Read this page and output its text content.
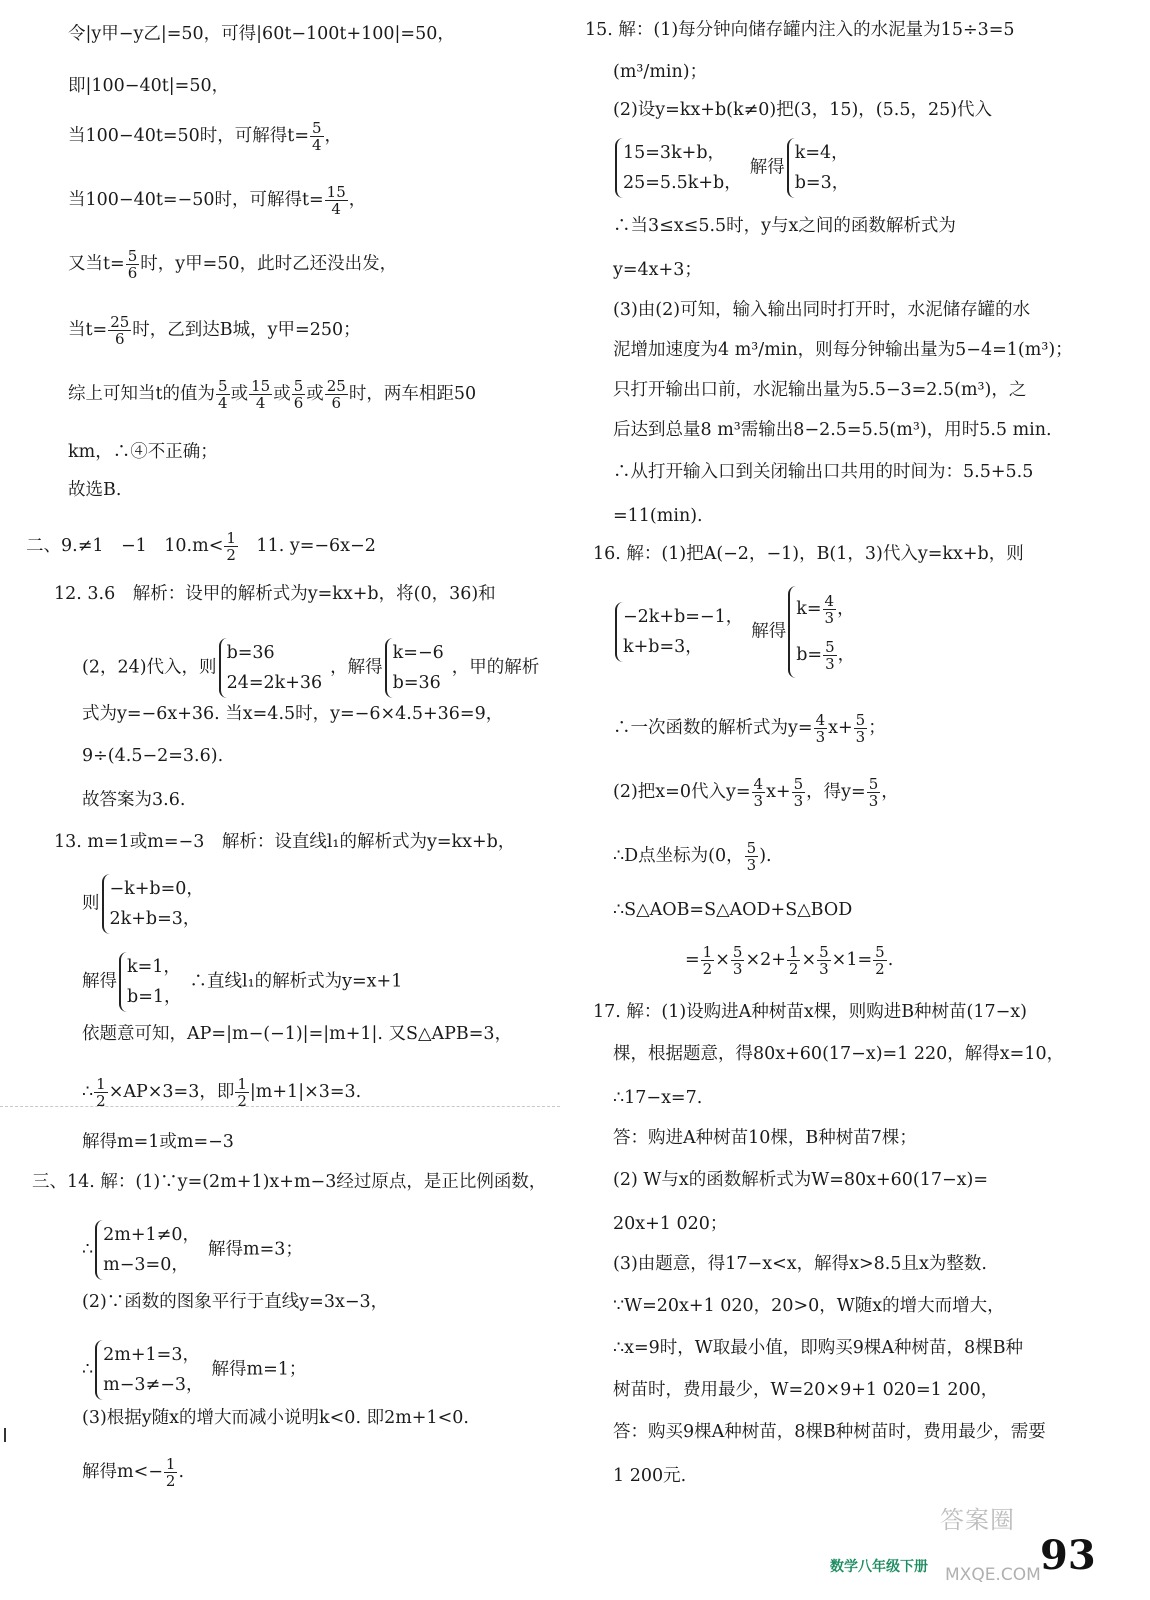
令|y甲−y乙|=50，可得|60t−100t+100|=50，
即|100−40t|=50，
当100−40t=50时，可解得$t= \frac{5}{4}$ ，
当100−40t=−50时，可解得$t= \frac{15}{4}$ ，
又当$t= \frac{5}{6}$ 时，y甲=50，此时乙还没出发，
当$t= \frac{25}{6}$ 时，乙到达B城，y甲=250；
综上可知当t的值为 $\frac{5}{4}$ 或 $\frac{15}{4}$ 或 $\frac{5}{6}$ 或 $\frac{25}{6}$ 时，两车相距50
km，∴④不正确；
故选B.
二、9.≠1　−1　$10.m< \frac{1}{2}$ 　11. y=−6x−2
12. 3.6　解析：设甲的解析式为y=kx+b，将(0，36)和
(2，24)代入，则
b=36
24=2k+36
，解得
k=−6
b=36
，甲的解析
式为y=−6x+36. 当x=4.5时，y=−6×4.5+36=9，
9÷(4.5−2=3.6).
故答案为3.6.
13. m=1或m=−3　解析：设直线l₁的解析式为y=kx+b，
则
−k+b=0，
2k+b=3，
解得
k=1，
b=1，
∴直线l₁的解析式为y=x+1
依题意可知，AP=|m−(−1)|=|m+1|. 又S△APB=3，
∴ $\frac{1}{2} \times AP\times 3=3$，即 $\frac{1}{2} |m+1|\times 3=3$.
解得m=1或m=−3
三、14. 解：(1)∵y=(2m+1)x+m−3经过原点，是正比例函数，
∴
2m+1≠0，
m−3=0，
解得m=3；
(2)∵函数的图象平行于直线y=3x−3，
∴
2m+1=3，
m−3≠−3，
解得m=1；
(3)根据y随x的增大而减小说明k<0. 即2m+1<0.
解得$m<- \frac{1}{2}$ .
15. 解：(1)每分钟向储存罐内注入的水泥量为15÷3=5
(m³/min)；
(2)设y=kx+b(k≠0)把(3，15)，(5.5，25)代入
15=3k+b，
25=5.5k+b，
解得
k=4，
b=3，
∴当3≤x≤5.5时，y与x之间的函数解析式为
y=4x+3；
(3)由(2)可知，输入输出同时打开时，水泥储存罐的水
泥增加速度为4 m³/min，则每分钟输出量为5−4=1(m³)；
只打开输出口前，水泥输出量为5.5−3=2.5(m³)，之
后达到总量8 m³需输出8−2.5=5.5(m³)，用时5.5 min.
∴从打开输入口到关闭输出口共用的时间为：5.5+5.5
=11(min).
16. 解：(1)把A(−2，−1)，B(1，3)代入y=kx+b，则
−2k+b=−1，
k+b=3，
解得
$k= \frac{4}{3}$ ，
$b= \frac{5}{3}$ ，
∴一次函数的解析式为$y= \frac{4}{3} x+ \frac{5}{3}$ ；
(2)把x=0代入$y= \frac{4}{3} x+ \frac{5}{3}$ ，得$y= \frac{5}{3}$ ，
∴D点坐标为(0， $\frac{5}{3}$ ).
∴S△AOB=S△AOD+S△BOD
= $\frac{1}{2} \times \frac{5}{3} \times 2+ \frac{1}{2} \times \frac{5}{3} \times 1= \frac{5}{2}$ .
17. 解：(1)设购进A种树苗x棵，则购进B种树苗(17−x)
棵，根据题意，得80x+60(17−x)=1 220，解得x=10，
∴17−x=7.
答：购进A种树苗10棵，B种树苗7棵；
(2) W与x的函数解析式为W=80x+60(17−x)=
20x+1 020；
(3)由题意，得17−x<x，解得x>8.5且x为整数.
∵W=20x+1 020，20>0，W随x的增大而增大，
∴x=9时，W取最小值，即购买9棵A种树苗，8棵B种
树苗时，费用最少，W=20×9+1 020=1 200，
答：购买9棵A种树苗，8棵B种树苗时，费用最少，需要
1 200元.
答案圈
MXQE.COM
数学八年级下册	93
